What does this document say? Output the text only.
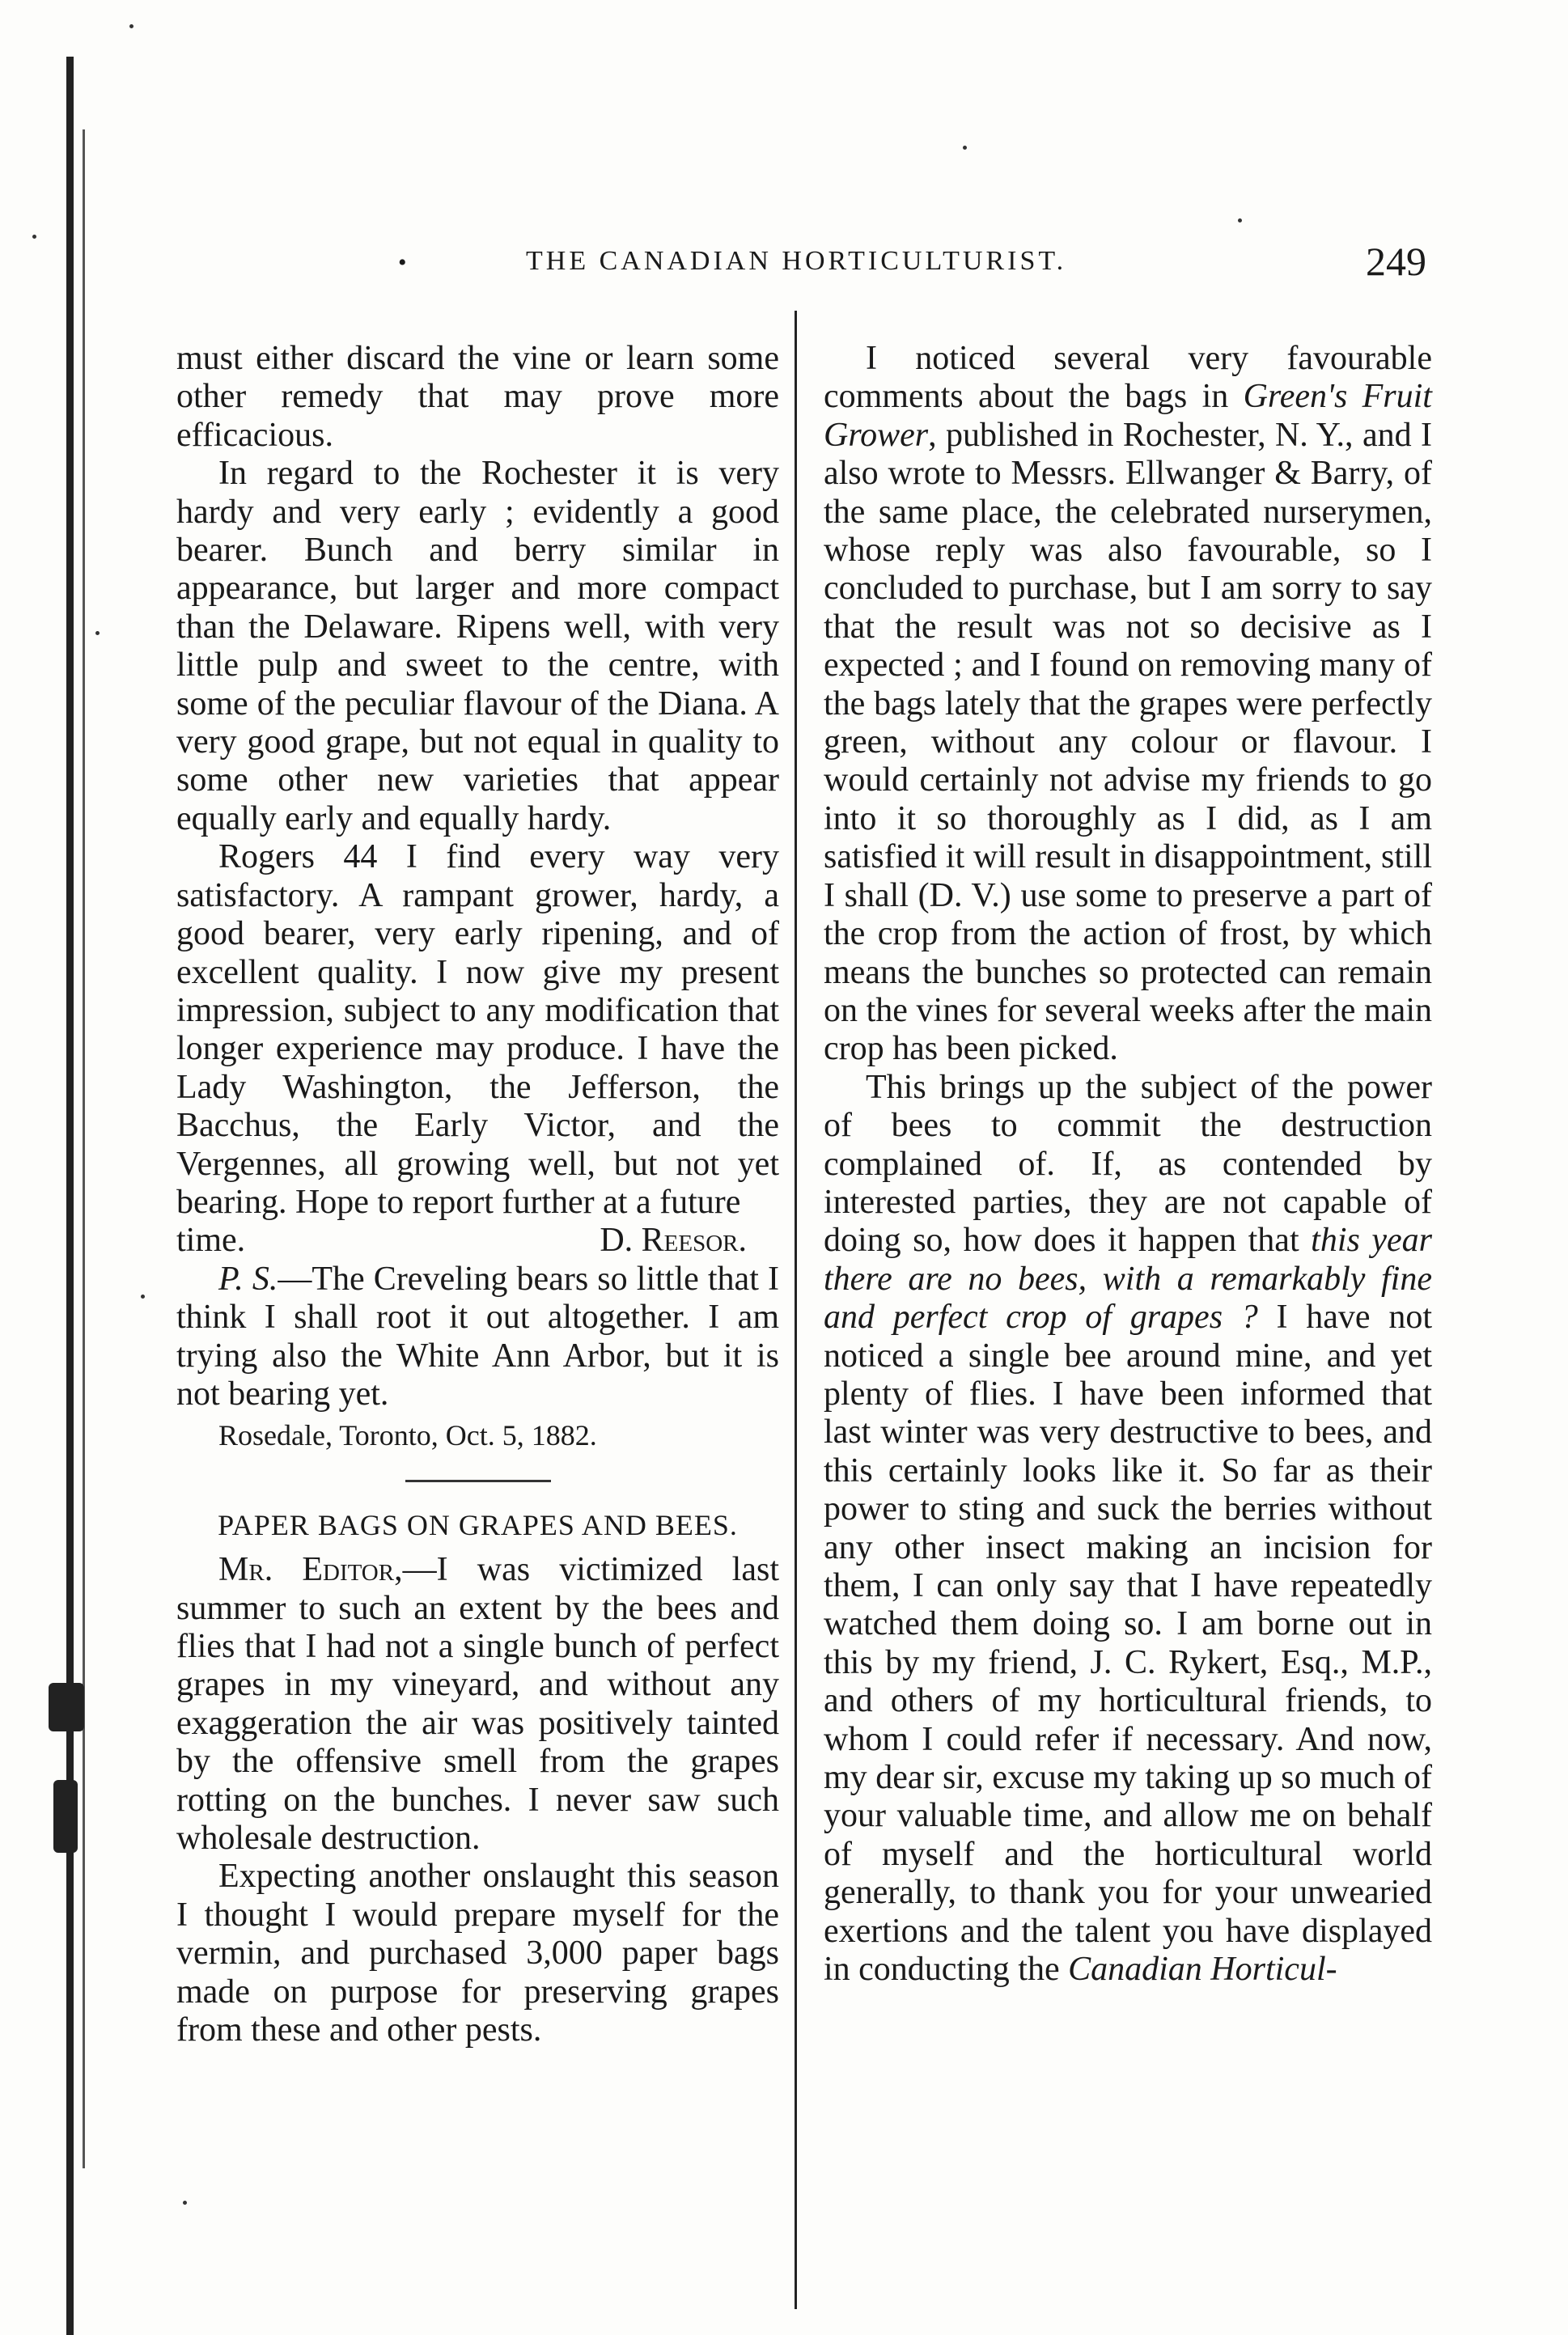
•	THE CANADIAN HORTICULTURIST.	249

must either discard the vine or learn some other remedy that may prove more efficacious.

In regard to the Rochester it is very hardy and very early ; evidently a good bearer. Bunch and berry similar in appearance, but larger and more compact than the Delaware. Ripens well, with very little pulp and sweet to the centre, with some of the peculiar flavour of the Diana. A very good grape, but not equal in quality to some other new varieties that appear equally early and equally hardy.

Rogers 44 I find every way very satisfactory. A rampant grower, hardy, a good bearer, very early ripening, and of excellent quality. I now give my present impression, subject to any modification that longer experience may produce. I have the Lady Washington, the Jefferson, the Bacchus, the Early Victor, and the Vergennes, all growing well, but not yet bearing. Hope to report further at a future

time.	D. Reesor.

P. S.—The Creveling bears so little that I think I shall root it out altogether. I am trying also the White Ann Arbor, but it is not bearing yet.

Rosedale, Toronto, Oct. 5, 1882.

PAPER BAGS ON GRAPES AND BEES.

Mr. Editor,—I was victimized last summer to such an extent by the bees and flies that I had not a single bunch of perfect grapes in my vineyard, and without any exaggeration the air was positively tainted by the offensive smell from the grapes rotting on the bunches. I never saw such wholesale destruction.

Expecting another onslaught this season I thought I would prepare myself for the vermin, and purchased 3,000 paper bags made on purpose for preserving grapes from these and other pests.

I noticed several very favourable comments about the bags in Green's Fruit Grower, published in Rochester, N. Y., and I also wrote to Messrs. Ellwanger & Barry, of the same place, the celebrated nurserymen, whose reply was also favourable, so I concluded to purchase, but I am sorry to say that the result was not so decisive as I expected ; and I found on removing many of the bags lately that the grapes were perfectly green, without any colour or flavour. I would certainly not advise my friends to go into it so thoroughly as I did, as I am satisfied it will result in disappointment, still I shall (D. V.) use some to preserve a part of the crop from the action of frost, by which means the bunches so protected can remain on the vines for several weeks after the main crop has been picked.

This brings up the subject of the power of bees to commit the destruction complained of. If, as contended by interested parties, they are not capable of doing so, how does it happen that this year there are no bees, with a remarkably fine and perfect crop of grapes ? I have not noticed a single bee around mine, and yet plenty of flies. I have been informed that last winter was very destructive to bees, and this certainly looks like it. So far as their power to sting and suck the berries without any other insect making an incision for them, I can only say that I have repeatedly watched them doing so. I am borne out in this by my friend, J. C. Rykert, Esq., M.P., and others of my horticultural friends, to whom I could refer if necessary. And now, my dear sir, excuse my taking up so much of your valuable time, and allow me on behalf of myself and the horticultural world generally, to thank you for your unwearied exertions and the talent you have displayed in conducting the Canadian Horticul-
